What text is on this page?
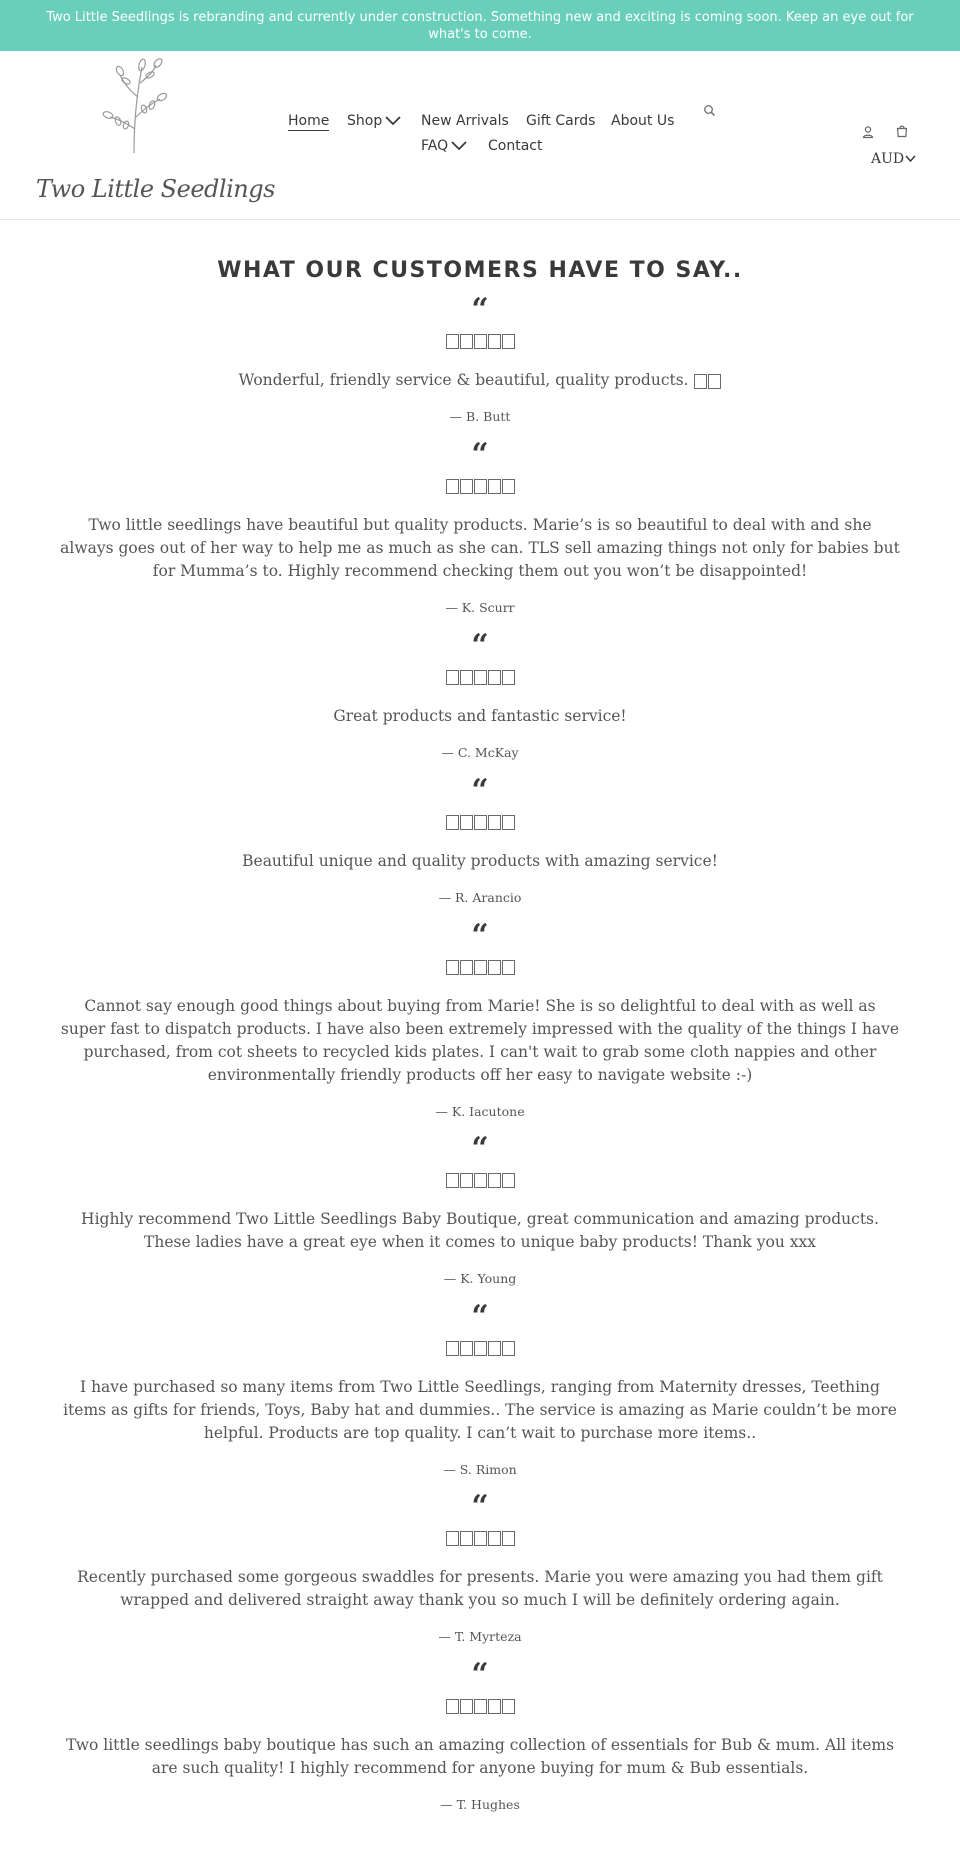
Two Little Seedlings is rebranding and currently under construction. Something new and exciting is coming soon. Keep an eye out for what's to come.
Two Little Seedlings
Home Shop	New Arrivals Gift Cards About Us
FAQ	Contact
AUD
WHAT OUR CUSTOMERS HAVE TO SAY..
“
Wonderful, friendly service & beautiful, quality products.
— B. Butt
“
Two little seedlings have beautiful but quality products. Marie’s is so beautiful to deal with and she always goes out of her way to help me as much as she can. TLS sell amazing things not only for babies but for Mumma’s to. Highly recommend checking them out you won’t be disappointed!
— K. Scurr
“
Great products and fantastic service!
— C. McKay
“
Beautiful unique and quality products with amazing service!
— R. Arancio
“
Cannot say enough good things about buying from Marie! She is so delightful to deal with as well as super fast to dispatch products. I have also been extremely impressed with the quality of the things I have purchased, from cot sheets to recycled kids plates. I can't wait to grab some cloth nappies and other environmentally friendly products off her easy to navigate website :-)
— K. Iacutone
“
Highly recommend Two Little Seedlings Baby Boutique, great communication and amazing products. These ladies have a great eye when it comes to unique baby products! Thank you xxx
— K. Young
“
I have purchased so many items from Two Little Seedlings, ranging from Maternity dresses, Teething items as gifts for friends, Toys, Baby hat and dummies.. The service is amazing as Marie couldn’t be more helpful. Products are top quality. I can’t wait to purchase more items..
— S. Rimon
“
Recently purchased some gorgeous swaddles for presents. Marie you were amazing you had them gift wrapped and delivered straight away thank you so much I will be definitely ordering again.
— T. Myrteza
“
Two little seedlings baby boutique has such an amazing collection of essentials for Bub & mum. All items are such quality! I highly recommend for anyone buying for mum & Bub essentials.
— T. Hughes
